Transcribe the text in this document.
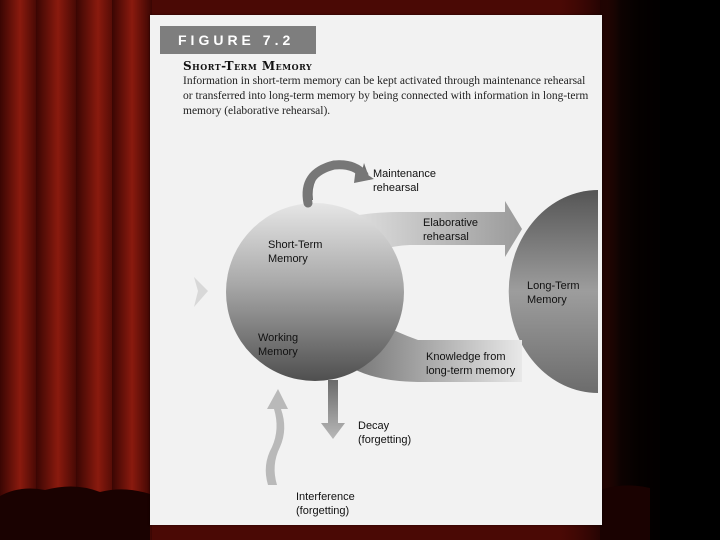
FIGURE 7.2
Short-Term Memory
Information in short-term memory can be kept activated through maintenance rehearsal or transferred into long-term memory by being connected with information in long-term memory (elaborative rehearsal).
Maintenance
rehearsal
Short-Term
Memory
Elaborative
rehearsal
Long-Term
Memory
Working
Memory	Knowledge from
long-term memory
Decay
(forgetting)
Interference
(forgetting)
